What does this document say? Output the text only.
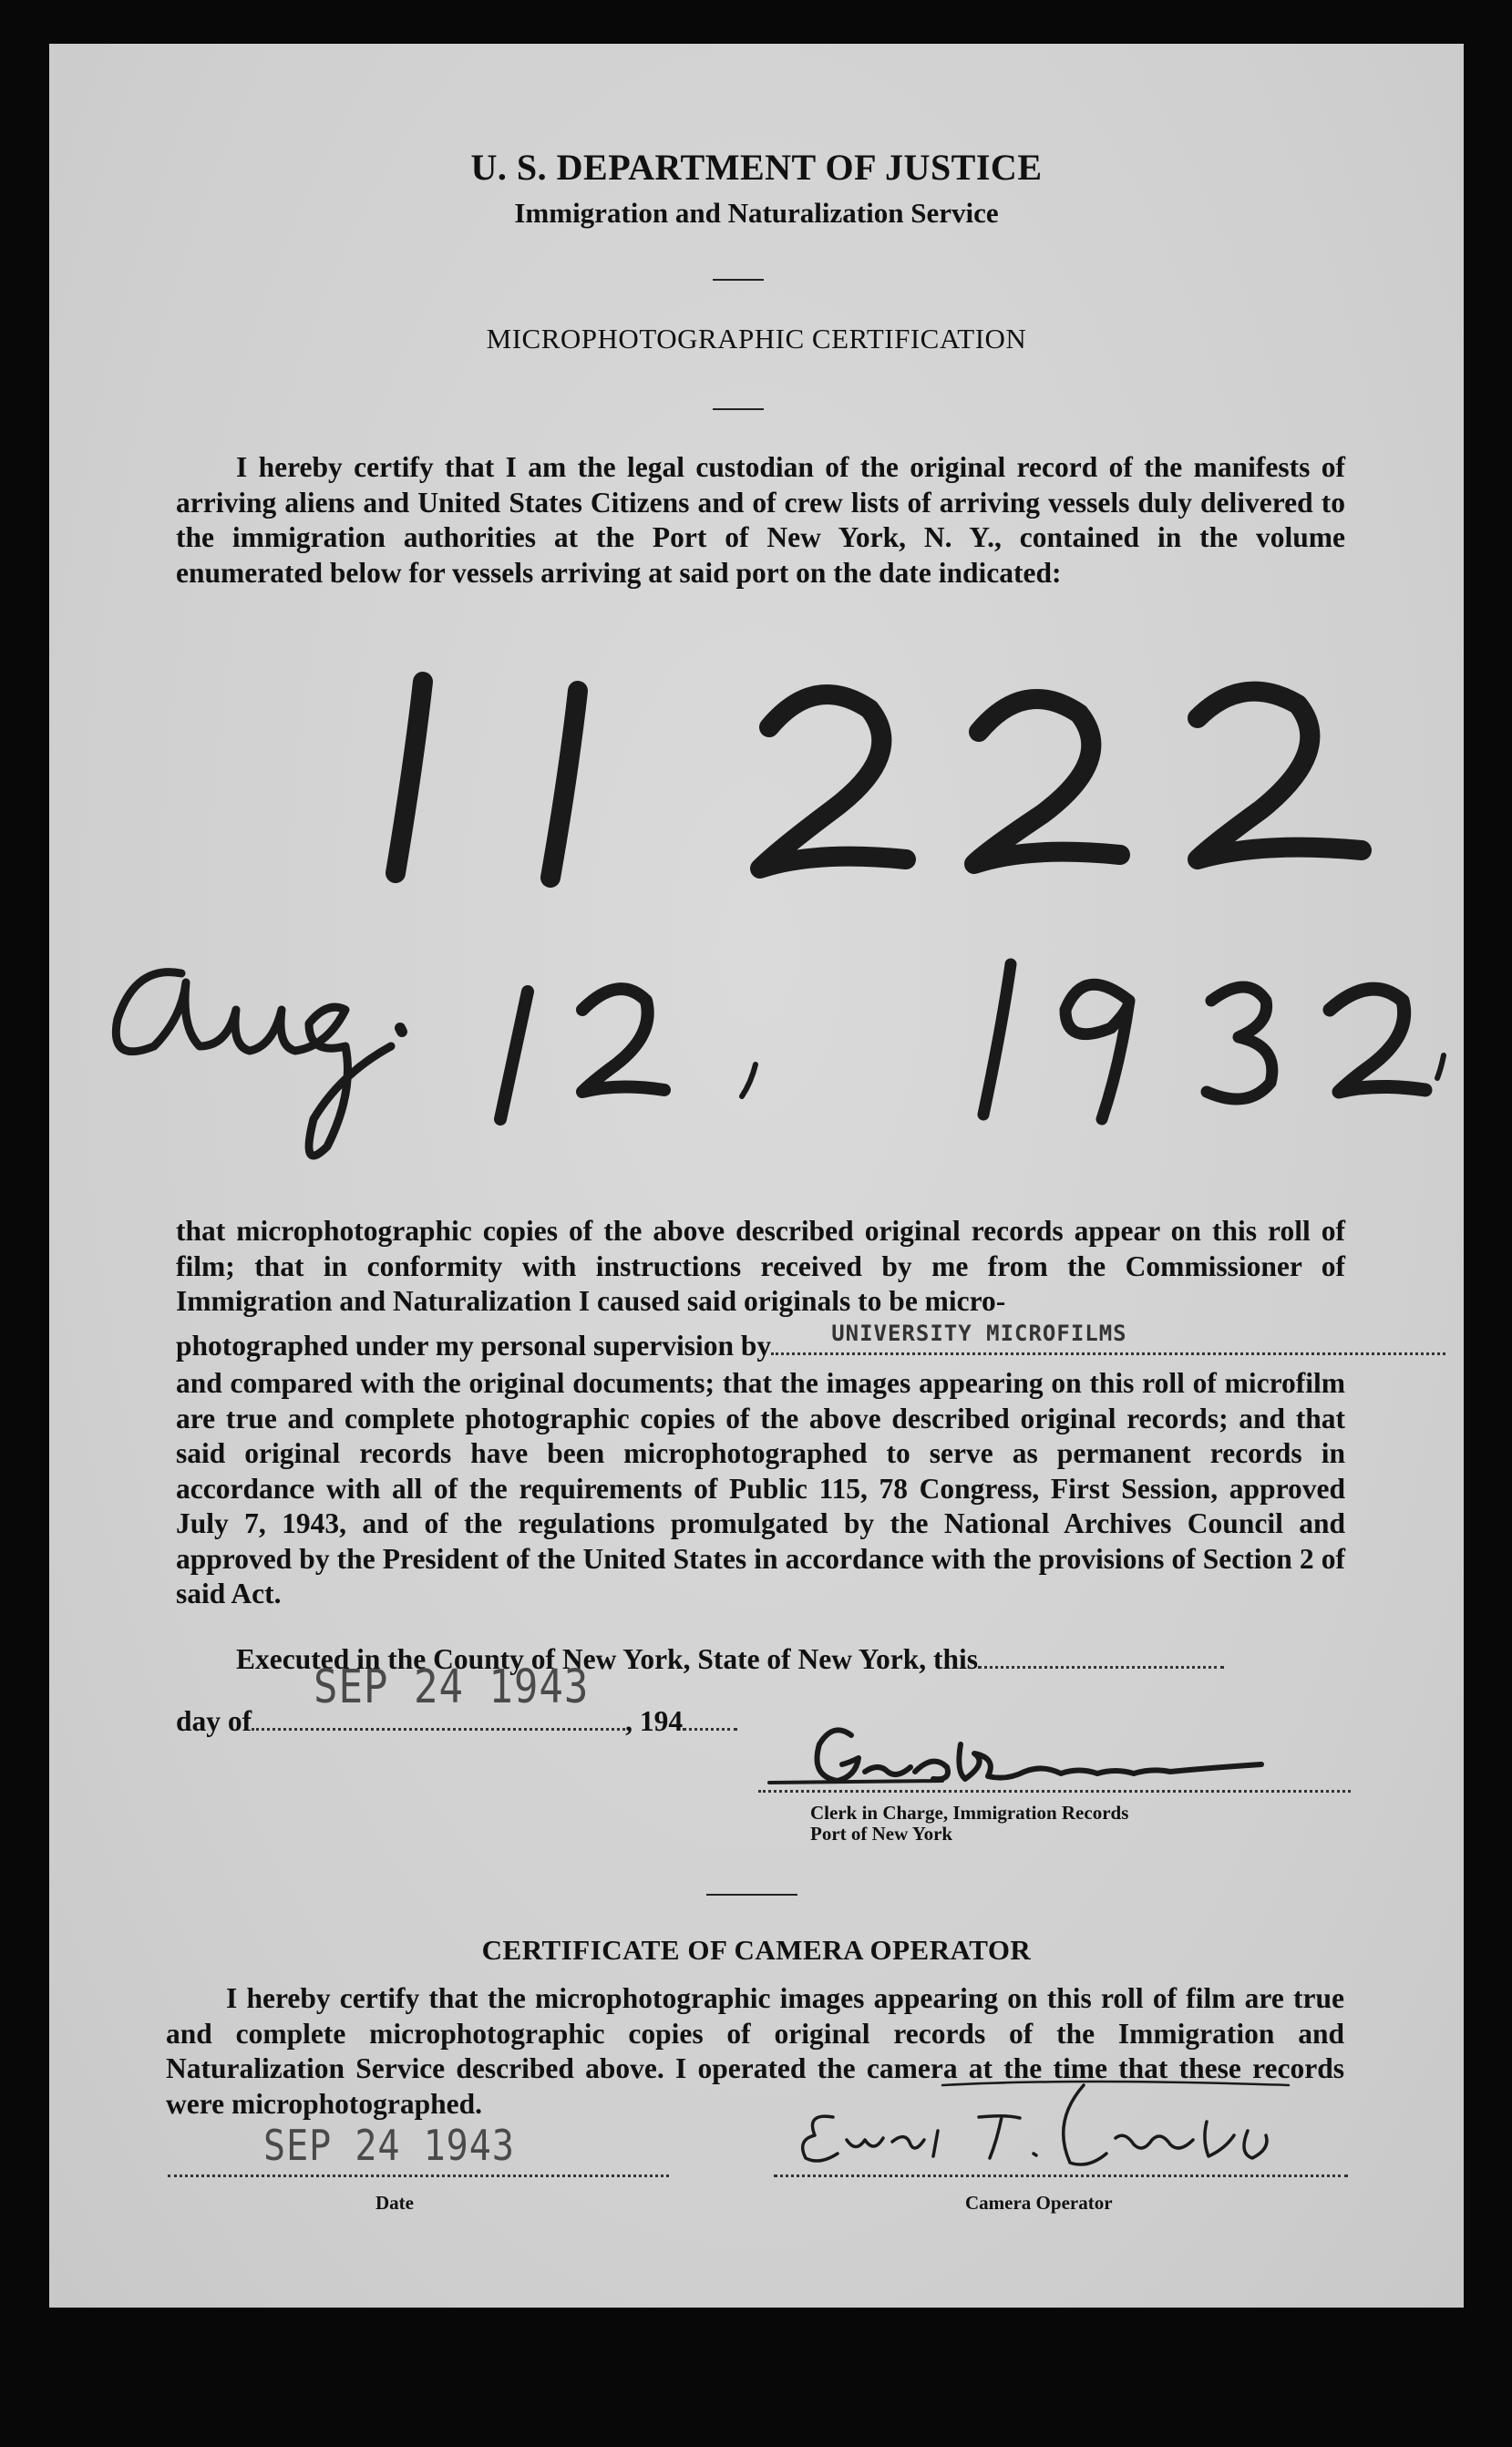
U. S. DEPARTMENT OF JUSTICE
Immigration and Naturalization Service
MICROPHOTOGRAPHIC CERTIFICATION
I hereby certify that I am the legal custodian of the original record of the manifests of arriving aliens and United States Citizens and of crew lists of arriving vessels duly delivered to the immigration authorities at the Port of New York, N. Y., contained in the volume enumerated below for vessels arriving at said port on the date indicated:
that microphotographic copies of the above described original records appear on this roll of film; that in conformity with instructions received by me from the Commissioner of Immigration and Naturalization I caused said originals to be micro-
photographed under my personal supervision by	UNIVERSITY MICROFILMS
and compared with the original documents; that the images appearing on this roll of microfilm are true and complete photographic copies of the above described original records; and that said original records have been microphotographed to serve as permanent records in accordance with all of the requirements of Public 115, 78 Congress, First Session, approved July 7, 1943, and of the regulations promulgated by the National Archives Council and approved by the President of the United States in accordance with the provisions of Section 2 of said Act.
Executed in the County of New York, State of New York, this
day of	, 194
SEP 24 1943
Clerk in Charge, Immigration Records
Port of New York
CERTIFICATE OF CAMERA OPERATOR
I hereby certify that the microphotographic images appearing on this roll of film are true and complete microphotographic copies of original records of the Immigration and Naturalization Service described above. I operated the camera at the time that these records were microphotographed.
SEP 24 1943
Date	Camera Operator
